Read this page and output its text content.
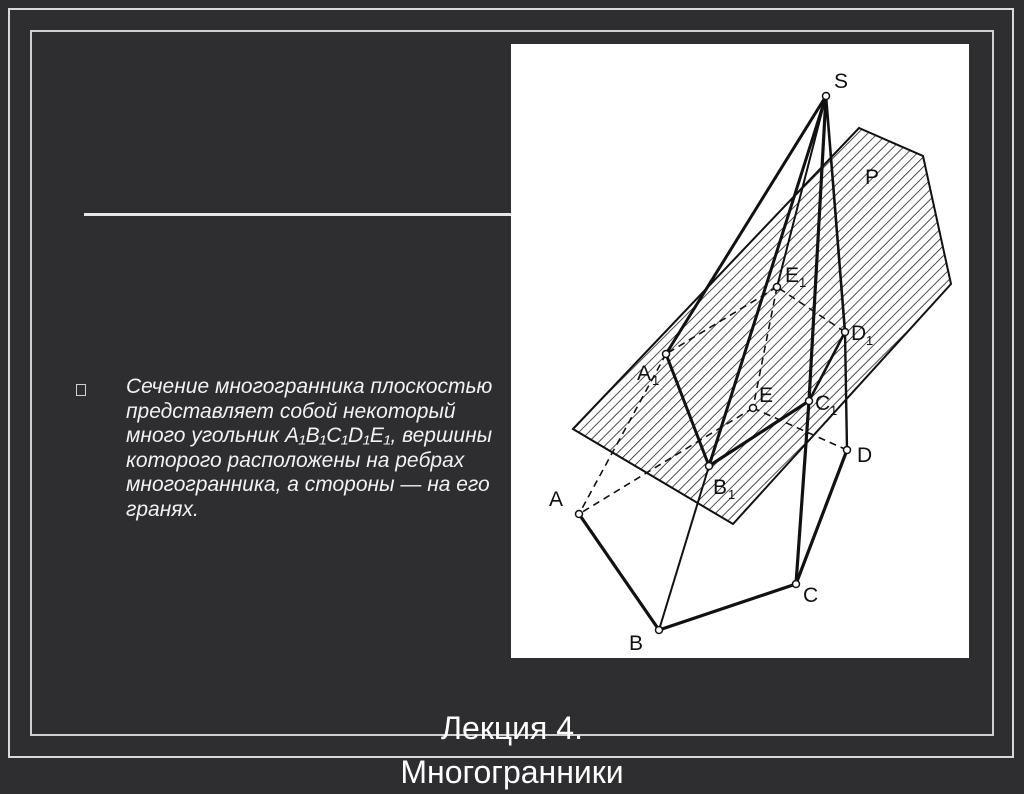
Сечение многогранника плоскостью представляет собой некоторый много угольник A₁B₁C₁D₁E₁, вершины которого расположены на ребрах многогранника, а стороны — на его гранях.
S
P
A 1
E 1
D 1
E C 1
D
B 1
A
C
B
Лекция 4.
Многогранники
